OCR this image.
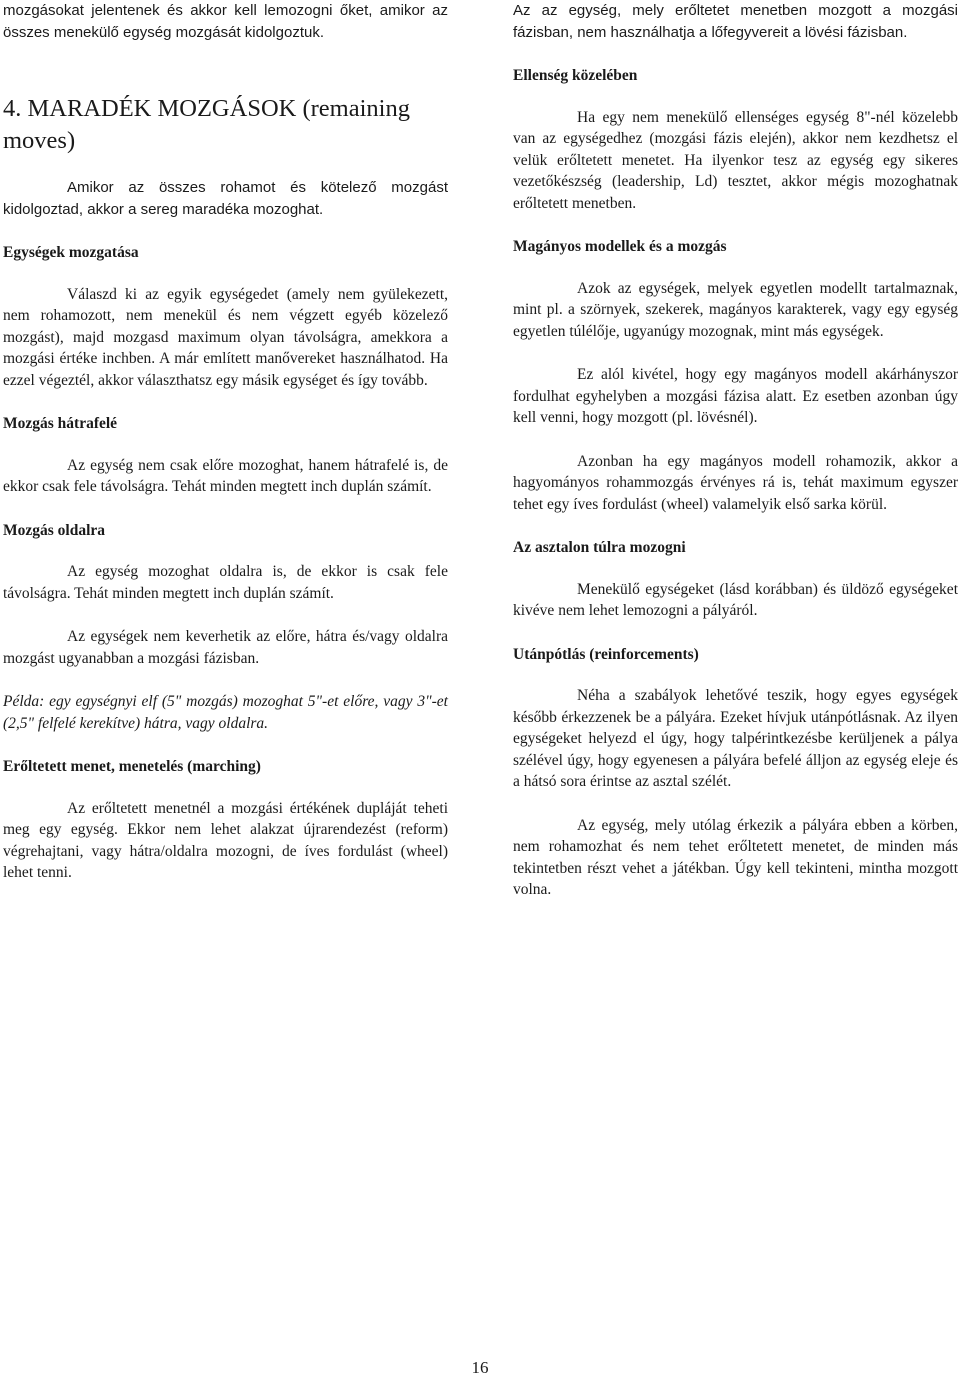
mozgásokat jelentenek és akkor kell lemozogni őket, amikor az összes menekülő egység mozgását kidolgoztuk.

4. MARADÉK MOZGÁSOK (remaining moves)

Amikor az összes rohamot és kötelező mozgást kidolgoztad, akkor a sereg maradéka mozoghat.

Egységek mozgatása

Válaszd ki az egyik egységedet (amely nem gyülekezett, nem rohamozott, nem menekül és nem végzett egyéb közelező mozgást), majd mozgasd maximum olyan távolságra, amekkora a mozgási értéke inchben. A már említett manővereket használhatod. Ha ezzel végeztél, akkor választhatsz egy másik egységet és így tovább.

Mozgás hátrafelé

Az egység nem csak előre mozoghat, hanem hátrafelé is, de ekkor csak fele távolságra. Tehát minden megtett inch duplán számít.

Mozgás oldalra

Az egység mozoghat oldalra is, de ekkor is csak fele távolságra. Tehát minden megtett inch duplán számít.

Az egységek nem keverhetik az előre, hátra és/vagy oldalra mozgást ugyanabban a mozgási fázisban.

Példa: egy egységnyi elf (5" mozgás) mozoghat 5"-et előre, vagy 3"-et (2,5" felfelé kerekítve) hátra, vagy oldalra.

Erőltetett menet, menetelés (marching)

Az erőltetett menetnél a mozgási értékének dupláját teheti meg egy egység. Ekkor nem lehet alakzat újrarendezést (reform) végrehajtani, vagy hátra/oldalra mozogni, de íves fordulást (wheel) lehet tenni.

Az az egység, mely erőltetet menetben mozgott a mozgási fázisban, nem használhatja a lőfegyvereit a lövési fázisban.

Ellenség közelében

Ha egy nem menekülő ellenséges egység 8"-nél közelebb van az egységedhez (mozgási fázis elején), akkor nem kezdhetsz el velük erőltetett menetet. Ha ilyenkor tesz az egység egy sikeres vezetőkészség (leadership, Ld) tesztet, akkor mégis mozoghatnak erőltetett menetben.

Magányos modellek és a mozgás

Azok az egységek, melyek egyetlen modellt tartalmaznak, mint pl. a szörnyek, szekerek, magányos karakterek, vagy egy egység egyetlen túlélője, ugyanúgy mozognak, mint más egységek.

Ez alól kivétel, hogy egy magányos modell akárhányszor fordulhat egyhelyben a mozgási fázisa alatt. Ez esetben azonban úgy kell venni, hogy mozgott (pl. lövésnél).

Azonban ha egy magányos modell rohamozik, akkor a hagyományos rohammozgás érvényes rá is, tehát maximum egyszer tehet egy íves fordulást (wheel) valamelyik első sarka körül.

Az asztalon túlra mozogni

Menekülő egységeket (lásd korábban) és üldöző egységeket kivéve nem lehet lemozogni a pályáról.

Utánpótlás (reinforcements)

Néha a szabályok lehetővé teszik, hogy egyes egységek később érkezzenek be a pályára. Ezeket hívjuk utánpótlásnak. Az ilyen egységeket helyezd el úgy, hogy talpérintkezésbe kerüljenek a pálya szélével úgy, hogy egyenesen a pályára befelé álljon az egység eleje és a hátsó sora érintse az asztal szélét.

Az egység, mely utólag érkezik a pályára ebben a körben, nem rohamozhat és nem tehet erőltetett menetet, de minden más tekintetben részt vehet a játékban. Úgy kell tekinteni, mintha mozgott volna.

16
